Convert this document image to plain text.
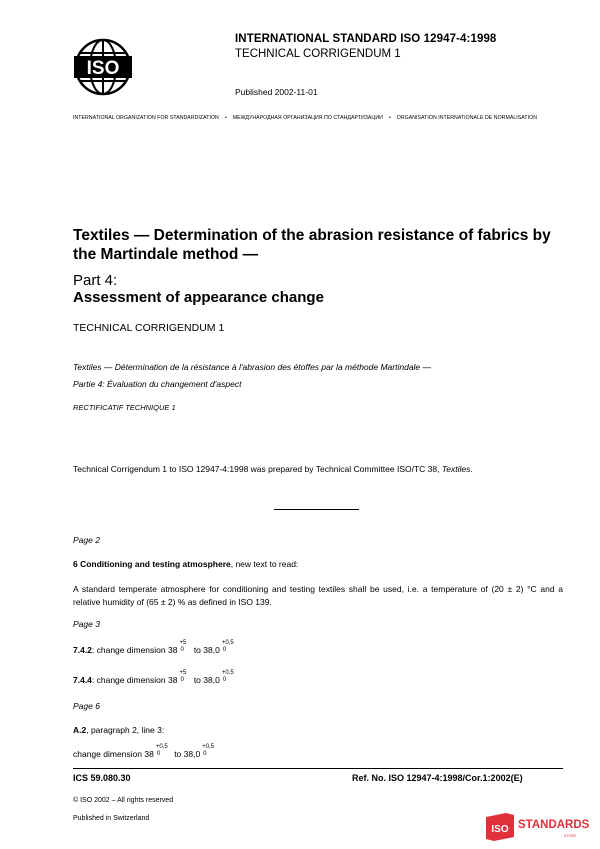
ISO
INTERNATIONAL STANDARD ISO 12947-4:1998
TECHNICAL CORRIGENDUM 1
Published 2002-11-01
INTERNATIONAL ORGANIZATION FOR STANDARDIZATION • МЕЖДУНАРОДНАЯ ОРГАНИЗАЦИЯ ПО СТАНДАРТИЗАЦИИ • ORGANISATION INTERNATIONALE DE NORMALISATION
Textiles — Determination of the abrasion resistance of fabrics by the Martindale method —
Part 4:
Assessment of appearance change
TECHNICAL CORRIGENDUM 1
Textiles — Détermination de la résistance à l'abrasion des étoffes par la méthode Martindale —
Partie 4: Évaluation du changement d'aspect
RECTIFICATIF TECHNIQUE 1
Technical Corrigendum 1 to ISO 12947-4:1998 was prepared by Technical Committee ISO/TC 38, Textiles.
Page 2
6 Conditioning and testing atmosphere, new text to read:
A standard temperate atmosphere for conditioning and testing textiles shall be used, i.e. a temperature of (20 ± 2) °C and a relative humidity of (65 ± 2) % as defined in ISO 139.
Page 3
7.4.2: change dimension 38
+5
0 to 38,0
+0,5
0
7.4.4: change dimension 38
+5
0 to 38,0
+0,5
0
Page 6
A.2, paragraph 2, line 3:
change dimension 38
+0,5
0 to 38,0
+0,5
0
ICS 59.080.30	Ref. No. ISO 12947-4:1998/Cor.1:2002(E)
© ISO 2002 – All rights reserved
Published in Switzerland
ISO STANDARDS
STORE
